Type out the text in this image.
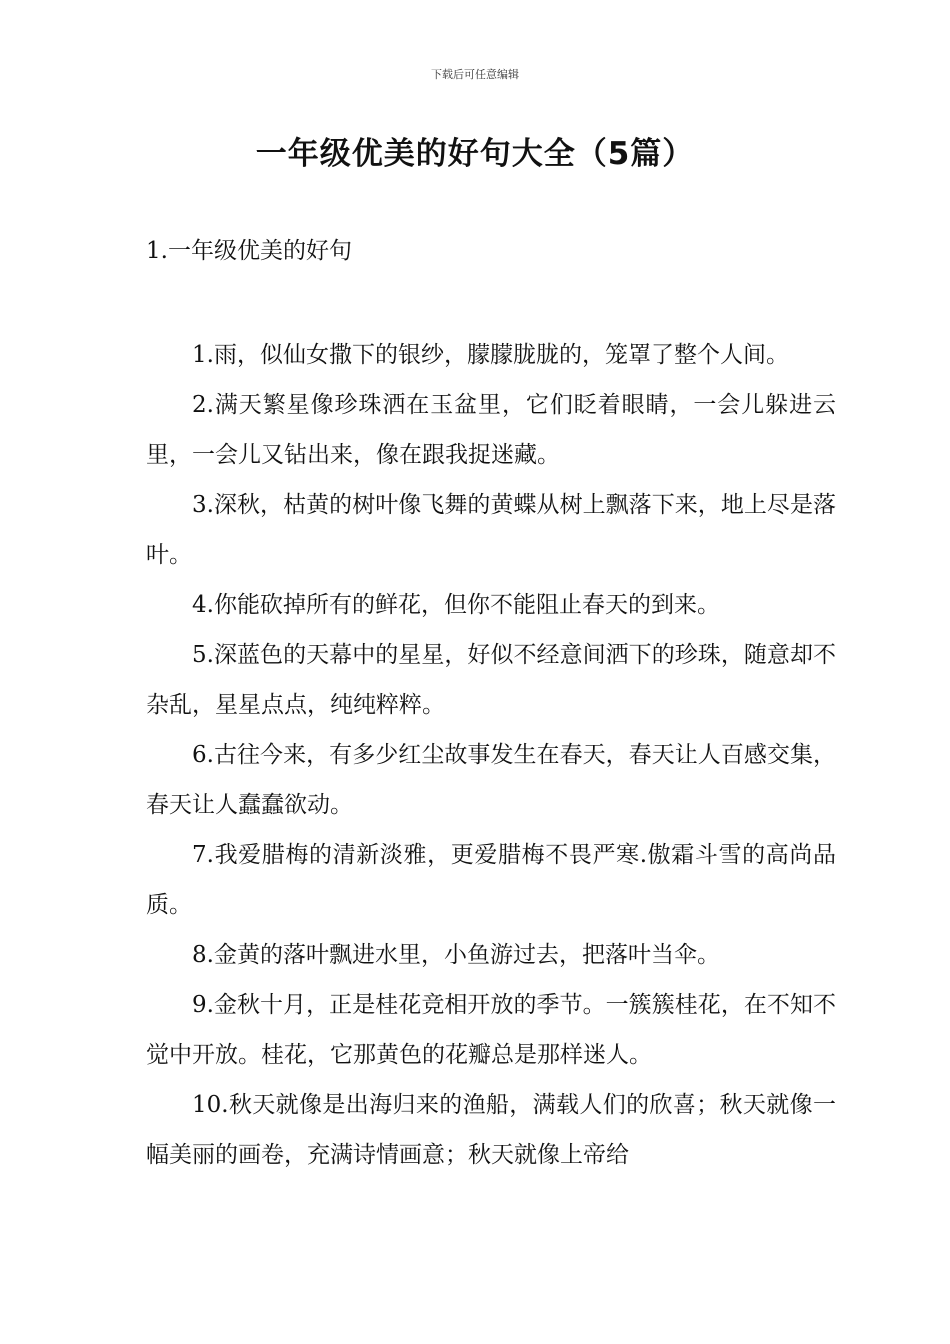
下载后可任意编辑
一年级优美的好句大全（5篇）
1.一年级优美的好句

1.雨，似仙女撒下的银纱，朦朦胧胧的，笼罩了整个人间。

2.满天繁星像珍珠洒在玉盆里，它们眨着眼睛，一会儿躲进云里，一会儿又钻出来，像在跟我捉迷藏。

3.深秋，枯黄的树叶像飞舞的黄蝶从树上飘落下来，地上尽是落叶。

4.你能砍掉所有的鲜花，但你不能阻止春天的到来。

5.深蓝色的天幕中的星星，好似不经意间洒下的珍珠，随意却不杂乱，星星点点，纯纯粹粹。

6.古往今来，有多少红尘故事发生在春天，春天让人百感交集，春天让人蠢蠢欲动。

7.我爱腊梅的清新淡雅，更爱腊梅不畏严寒.傲霜斗雪的高尚品质。

8.金黄的落叶飘进水里，小鱼游过去，把落叶当伞。

9.金秋十月，正是桂花竞相开放的季节。一簇簇桂花，在不知不觉中开放。桂花，它那黄色的花瓣总是那样迷人。

10.秋天就像是出海归来的渔船，满载人们的欣喜；秋天就像一幅美丽的画卷，充满诗情画意；秋天就像上帝给
